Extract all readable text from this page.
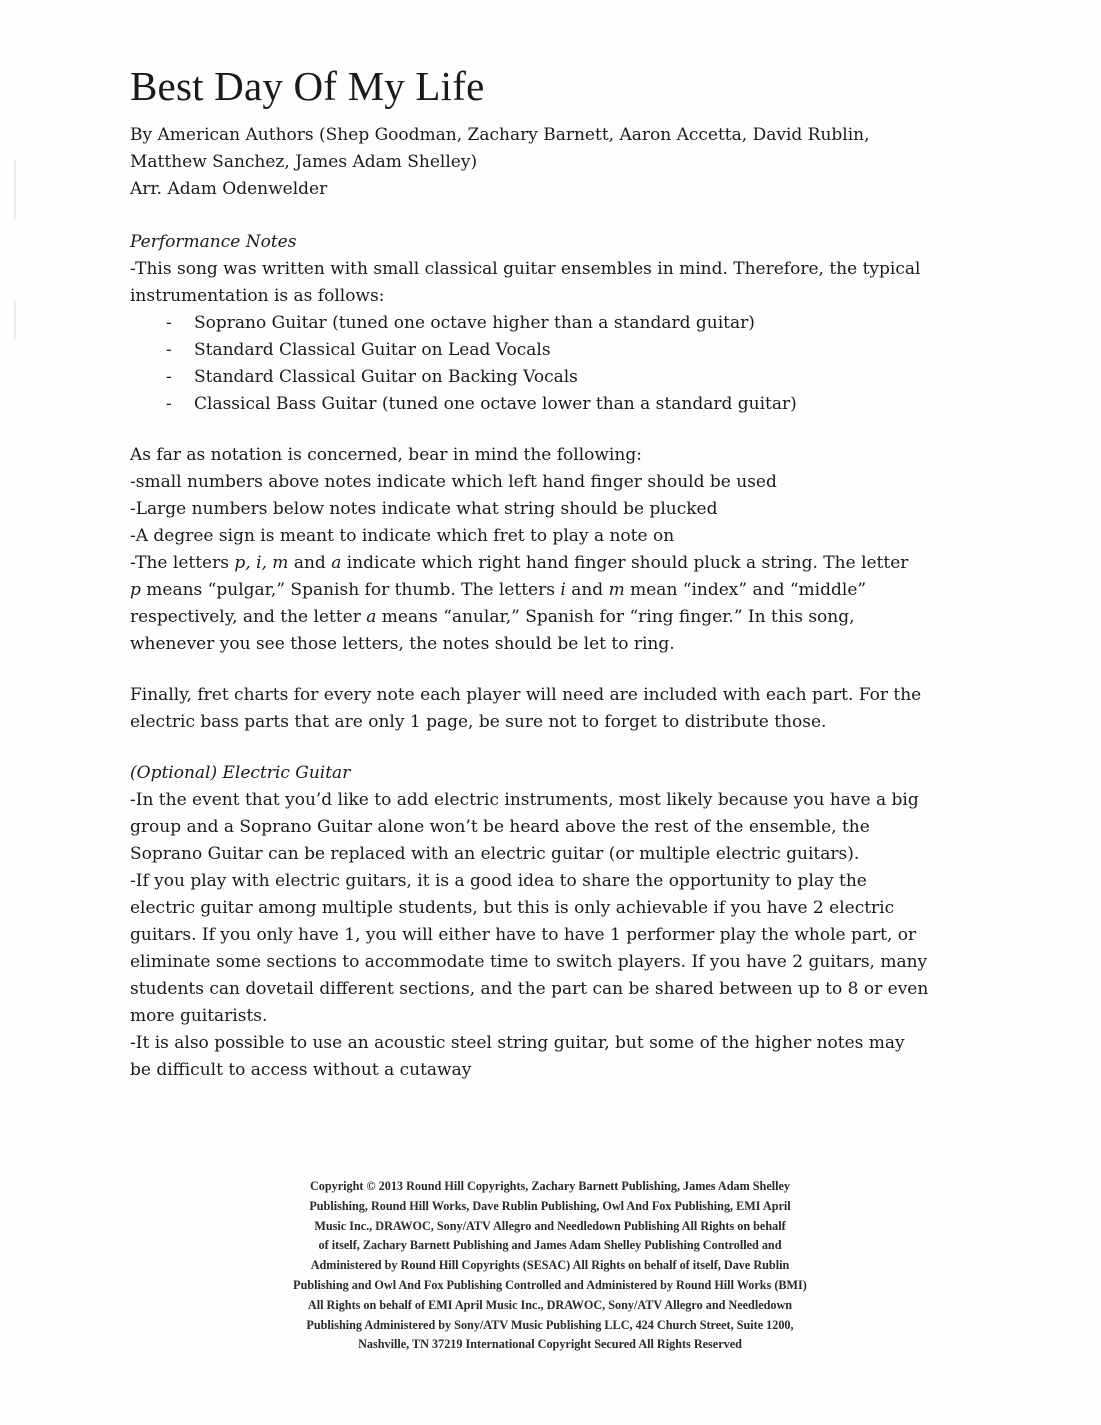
Best Day Of My Life

By American Authors (Shep Goodman, Zachary Barnett, Aaron Accetta, David Rublin,

Matthew Sanchez, James Adam Shelley)

Arr. Adam Odenwelder

Performance Notes

-This song was written with small classical guitar ensembles in mind. Therefore, the typical

instrumentation is as follows:

- Soprano Guitar (tuned one octave higher than a standard guitar)
- Standard Classical Guitar on Lead Vocals
- Standard Classical Guitar on Backing Vocals
- Classical Bass Guitar (tuned one octave lower than a standard guitar)

As far as notation is concerned, bear in mind the following:

-small numbers above notes indicate which left hand finger should be used

-Large numbers below notes indicate what string should be plucked

-A degree sign is meant to indicate which fret to play a note on

-The letters p, i, m and a indicate which right hand finger should pluck a string. The letter

p means “pulgar,” Spanish for thumb. The letters i and m mean “index” and “middle”

respectively, and the letter a means “anular,” Spanish for “ring finger.” In this song,

whenever you see those letters, the notes should be let to ring.

Finally, fret charts for every note each player will need are included with each part. For the

electric bass parts that are only 1 page, be sure not to forget to distribute those.

(Optional) Electric Guitar

-In the event that you’d like to add electric instruments, most likely because you have a big

group and a Soprano Guitar alone won’t be heard above the rest of the ensemble, the

Soprano Guitar can be replaced with an electric guitar (or multiple electric guitars).

-If you play with electric guitars, it is a good idea to share the opportunity to play the

electric guitar among multiple students, but this is only achievable if you have 2 electric

guitars. If you only have 1, you will either have to have 1 performer play the whole part, or

eliminate some sections to accommodate time to switch players. If you have 2 guitars, many

students can dovetail different sections, and the part can be shared between up to 8 or even

more guitarists.

-It is also possible to use an acoustic steel string guitar, but some of the higher notes may

be difficult to access without a cutaway

Copyright © 2013 Round Hill Copyrights, Zachary Barnett Publishing, James Adam Shelley
Publishing, Round Hill Works, Dave Rublin Publishing, Owl And Fox Publishing, EMI April
Music Inc., DRAWOC, Sony/ATV Allegro and Needledown Publishing All Rights on behalf
of itself, Zachary Barnett Publishing and James Adam Shelley Publishing Controlled and
Administered by Round Hill Copyrights (SESAC) All Rights on behalf of itself, Dave Rublin
Publishing and Owl And Fox Publishing Controlled and Administered by Round Hill Works (BMI)
All Rights on behalf of EMI April Music Inc., DRAWOC, Sony/ATV Allegro and Needledown
Publishing Administered by Sony/ATV Music Publishing LLC, 424 Church Street, Suite 1200,
Nashville, TN 37219 International Copyright Secured All Rights Reserved
